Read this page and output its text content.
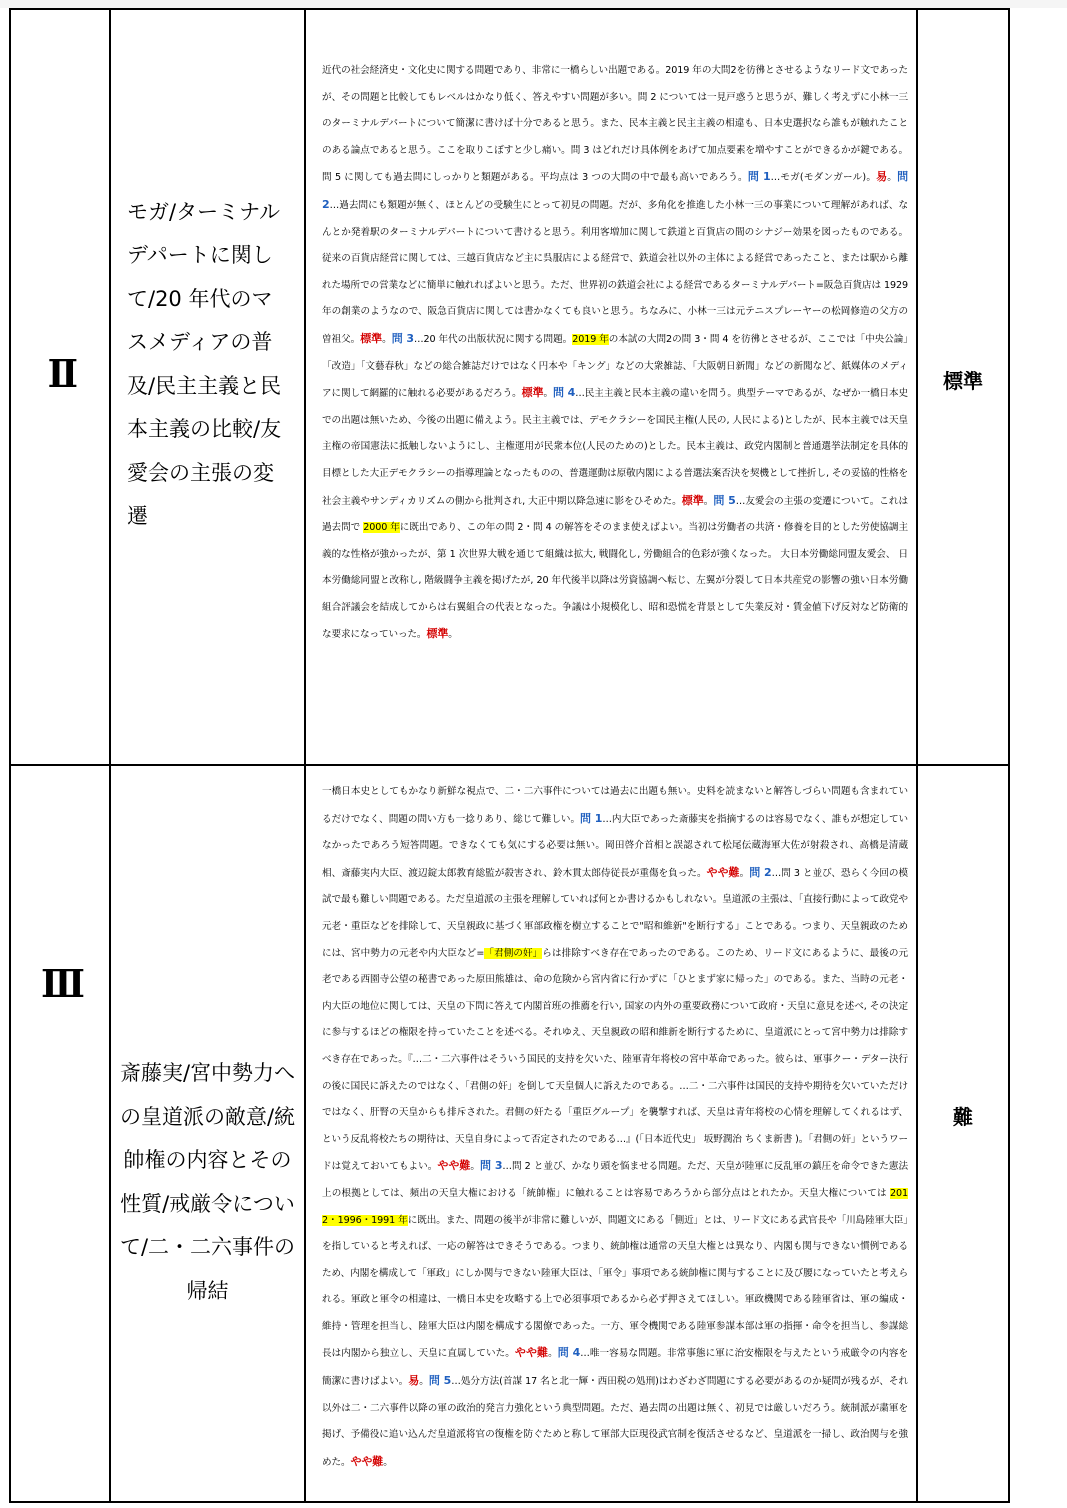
Ⅱ	モガ/ターミナルデパートに関して/20 年代のマスメディアの普及/民主主義と民本主義の比較/友愛会の主張の変遷	近代の社会経済史・文化史に関する問題であり、非常に一橋らしい出題である。2019 年の大問2を彷彿とさせるようなリード文であったが、その問題と比較してもレベルはかなり低く、答えやすい問題が多い。問 2 については一見戸惑うと思うが、難しく考えずに小林一三のターミナルデパートについて簡潔に書けば十分であると思う。また、民本主義と民主主義の相違も、日本史選択なら誰もが触れたことのある論点であると思う。ここを取りこぼすと少し痛い。問 3 はどれだけ具体例をあげて加点要素を増やすことができるかが鍵である。問 5 に関しても過去問にしっかりと類題がある。平均点は 3 つの大問の中で最も高いであろう。問 1…モガ(モダンガール)。易。問 2…過去問にも類題が無く、ほとんどの受験生にとって初見の問題。だが、多角化を推進した小林一三の事業について理解があれば、なんとか発着駅のターミナルデパートについて書けると思う。利用客増加に関して鉄道と百貨店の間のシナジー効果を図ったものである。従来の百貨店経営に関しては、三越百貨店など主に呉服店による経営で、鉄道会社以外の主体による経営であったこと、または駅から離れた場所での営業などに簡単に触れればよいと思う。ただ、世界初の鉄道会社による経営であるターミナルデパート=阪急百貨店は 1929 年の創業のようなので、阪急百貨店に関しては書かなくても良いと思う。ちなみに、小林一三は元テニスプレーヤーの松岡修造の父方の曽祖父。標準。問 3…20 年代の出版状況に関する問題。2019 年の本試の大問2の問 3・問 4 を彷彿とさせるが、ここでは「中央公論」「改造」「文藝春秋」などの総合雑誌だけではなく円本や「キング」などの大衆雑誌、「大阪朝日新聞」などの新聞など、紙媒体のメディアに関して網羅的に触れる必要があるだろう。標準。問 4…民主主義と民本主義の違いを問う。典型テーマであるが、なぜか一橋日本史での出題は無いため、今後の出題に備えよう。民主主義では、デモクラシーを国民主権(人民の, 人民による)としたが、民本主義では天皇主権の帝国憲法に抵触しないようにし、主権運用が民衆本位(人民のための)とした。民本主義は、政党内閣制と普通選挙法制定を具体的目標とした大正デモクラシーの指導理論となったものの、普選運動は原敬内閣による普選法案否決を契機として挫折し, その妥協的性格を社会主義やサンディカリズムの側から批判され, 大正中期以降急速に影をひそめた。標準。問 5…友愛会の主張の変遷について。これは過去問で 2000 年に既出であり、この年の問 2・問 4 の解答をそのまま使えばよい。当初は労働者の共済・修養を目的とした労使協調主義的な性格が強かったが、第 1 次世界大戦を通じて組織は拡大, 戦闘化し, 労働組合的色彩が強くなった。 大日本労働総同盟友愛会、 日本労働総同盟と改称し, 階級闘争主義を掲げたが, 20 年代後半以降は労資協調へ転じ、左翼が分裂して日本共産党の影響の強い日本労働組合評議会を結成してからは右翼組合の代表となった。争議は小規模化し、昭和恐慌を背景として失業反対・賃金値下げ反対など防衛的な要求になっていった。標準。	標準
Ⅲ	斎藤実/宮中勢力への皇道派の敵意/統帥権の内容とその性質/戒厳令について/二・二六事件の帰結	一橋日本史としてもかなり新鮮な視点で、二・二六事件については過去に出題も無い。史料を読まないと解答しづらい問題も含まれているだけでなく、問題の問い方も一捻りあり、総じて難しい。問 1…内大臣であった斎藤実を指摘するのは容易でなく、誰もが想定していなかったであろう短答問題。できなくても気にする必要は無い。岡田啓介首相と誤認されて松尾伝蔵海軍大佐が射殺され、高橋是清蔵相、斎藤実内大臣、渡辺錠太郎教育総監が殺害され、鈴木貫太郎侍従長が重傷を負った。やや難。問 2…問 3 と並び、恐らく今回の模試で最も難しい問題である。ただ皇道派の主張を理解していれば何とか書けるかもしれない。皇道派の主張は、「直接行動によって政党や元老・重臣などを排除して、天皇親政に基づく軍部政権を樹立することで"昭和維新"を断行する」ことである。つまり、天皇親政のためには、宮中勢力の元老や内大臣など=「君側の奸」らは排除すべき存在であったのである。このため、リード文にあるように、最後の元老である西園寺公望の秘書であった原田熊雄は、命の危険から宮内省に行かずに「ひとまず家に帰った」のである。また、当時の元老・内大臣の地位に関しては、天皇の下問に答えて内閣首班の推薦を行い, 国家の内外の重要政務について政府・天皇に意見を述べ, その決定に参与するほどの権限を持っていたことを述べる。それゆえ、天皇親政の昭和維新を断行するために、皇道派にとって宮中勢力は排除すべき存在であった。『…二・二六事件はそういう国民的支持を欠いた、陸軍青年将校の宮中革命であった。彼らは、軍事クー・デター決行の後に国民に訴えたのではなく、「君側の奸」を倒して天皇個人に訴えたのである。…二・二六事件は国民的支持や期待を欠いていただけではなく、肝腎の天皇からも排斥された。君側の奸たる「重臣グループ」を襲撃すれば、天皇は青年将校の心情を理解してくれるはず、という反乱将校たちの期待は、天皇自身によって否定されたのである…』(「日本近代史」 坂野潤治 ちくま新書 )。「君側の奸」というワードは覚えておいてもよい。やや難。問 3…問 2 と並び、かなり頭を悩ませる問題。ただ、天皇が陸軍に反乱軍の鎮圧を命令できた憲法上の根拠としては、頻出の天皇大権における「統帥権」に触れることは容易であろうから部分点はとれたか。天皇大権については 2012・1996・1991 年に既出。また、問題の後半が非常に難しいが、問題文にある「側近」とは、リード文にある武官長や「川島陸軍大臣」を指していると考えれば、一応の解答はできそうである。つまり、統帥権は通常の天皇大権とは異なり、内閣も関与できない慣例であるため、内閣を構成して「軍政」にしか関与できない陸軍大臣は、「軍令」事項である統帥権に関与することに及び腰になっていたと考えられる。軍政と軍令の相違は、一橋日本史を攻略する上で必須事項であるから必ず押さえてほしい。軍政機関である陸軍省は、軍の編成・維持・管理を担当し、陸軍大臣は内閣を構成する閣僚であった。一方、軍令機関である陸軍参謀本部は軍の指揮・命令を担当し、参謀総長は内閣から独立し、天皇に直属していた。やや難。問 4…唯一容易な問題。非常事態に軍に治安権限を与えたという戒厳令の内容を簡潔に書けばよい。易。問 5…処分方法(首謀 17 名と北一輝・西田税の処刑)はわざわざ問題にする必要があるのか疑問が残るが、それ以外は二・二六事件以降の軍の政治的発言力強化という典型問題。ただ、過去問の出題は無く、初見では厳しいだろう。統制派が粛軍を掲げ、予備役に追い込んだ皇道派将官の復権を防ぐためと称して軍部大臣現役武官制を復活させるなど、皇道派を一掃し、政治関与を強めた。やや難。	難
